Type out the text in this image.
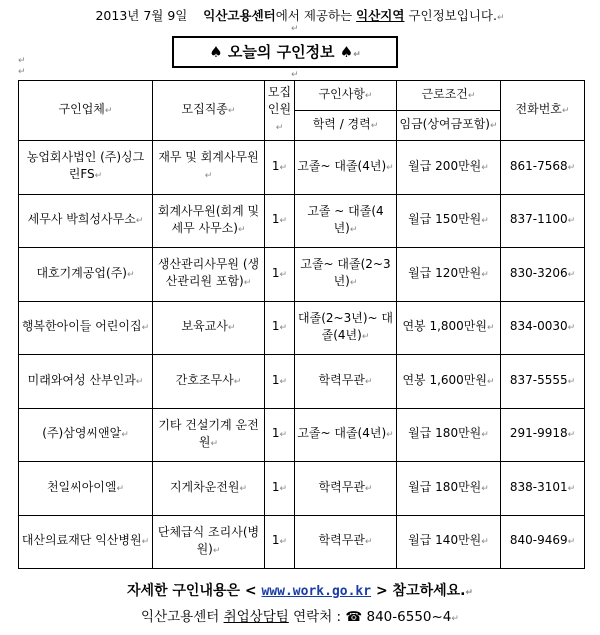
2013년 7월 9일 익산고용센터에서 제공하는 익산지역 구인정보입니다.↵
↵
♠ 오늘의 구인정보 ♠↵
↵
↵	↵
구인업체↵	모집직종↵	모집인원↵	구인사항↵	근로조건↵	전화번호↵
			학력 / 경력↵	임금(상여금포함)↵	
농업회사법인 (주)싱그린FS↵	재무 및 회계사무원↵	1↵	고졸~ 대졸(4년)↵	월급 200만원↵	861-7568↵
세무사 박희성사무소↵	회계사무원(회계 및 세무 사무소)↵	1↵	고졸 ~ 대졸(4년)↵	월급 150만원↵	837-1100↵
대호기계공업(주)↵	생산관리사무원 (생산관리원 포함)↵	1↵	고졸~ 대졸(2~3년)↵	월급 120만원↵	830-3206↵
행복한아이들 어린이집↵	보육교사↵	1↵	대졸(2~3년)~ 대졸(4년)↵	연봉 1,800만원↵	834-0030↵
미래와여성 산부인과↵	간호조무사↵	1↵	학력무관↵	연봉 1,600만원↵	837-5555↵
(주)삼영씨앤알↵	기타 건설기계 운전원↵	1↵	고졸~ 대졸(4년)↵	월급 180만원↵	291-9918↵
천일씨아이엘↵	지게차운전원↵	1↵	학력무관↵	월급 180만원↵	838-3101↵
대산의료재단 익산병원↵	단체급식 조리사(병원)↵	1↵	학력무관↵	월급 140만원↵	840-9469↵
자세한 구인내용은 < www.work.go.kr > 참고하세요.↵
익산고용센터 취업상담팀 연락처 : ☎ 840-6550~4↵
